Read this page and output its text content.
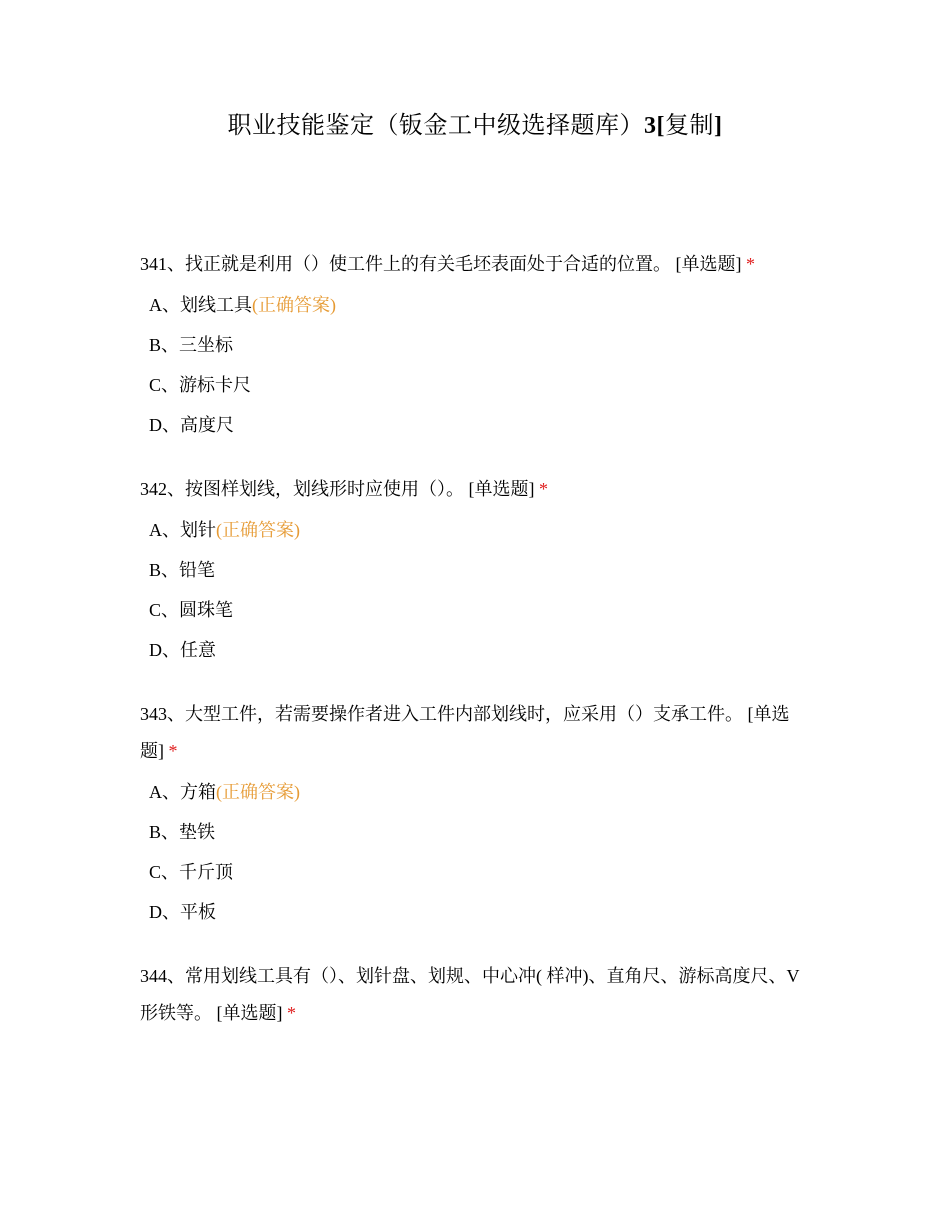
职业技能鉴定（钣金工中级选择题库）3[复制]

341、找正就是利用（）使工件上的有关毛坯表面处于合适的位置。 [单选题] *

A、划线工具(正确答案)
B、三坐标
C、游标卡尺
D、高度尺

342、按图样划线，划线形时应使用（）。 [单选题] *

A、划针(正确答案)
B、铅笔
C、圆珠笔
D、任意

343、大型工件，若需要操作者进入工件内部划线时，应采用（）支承工件。 [单选题] *

A、方箱(正确答案)
B、垫铁
C、千斤顶
D、平板

344、常用划线工具有（）、划针盘、划规、中心冲( 样冲)、直角尺、游标高度尺、V 形铁等。 [单选题] *
